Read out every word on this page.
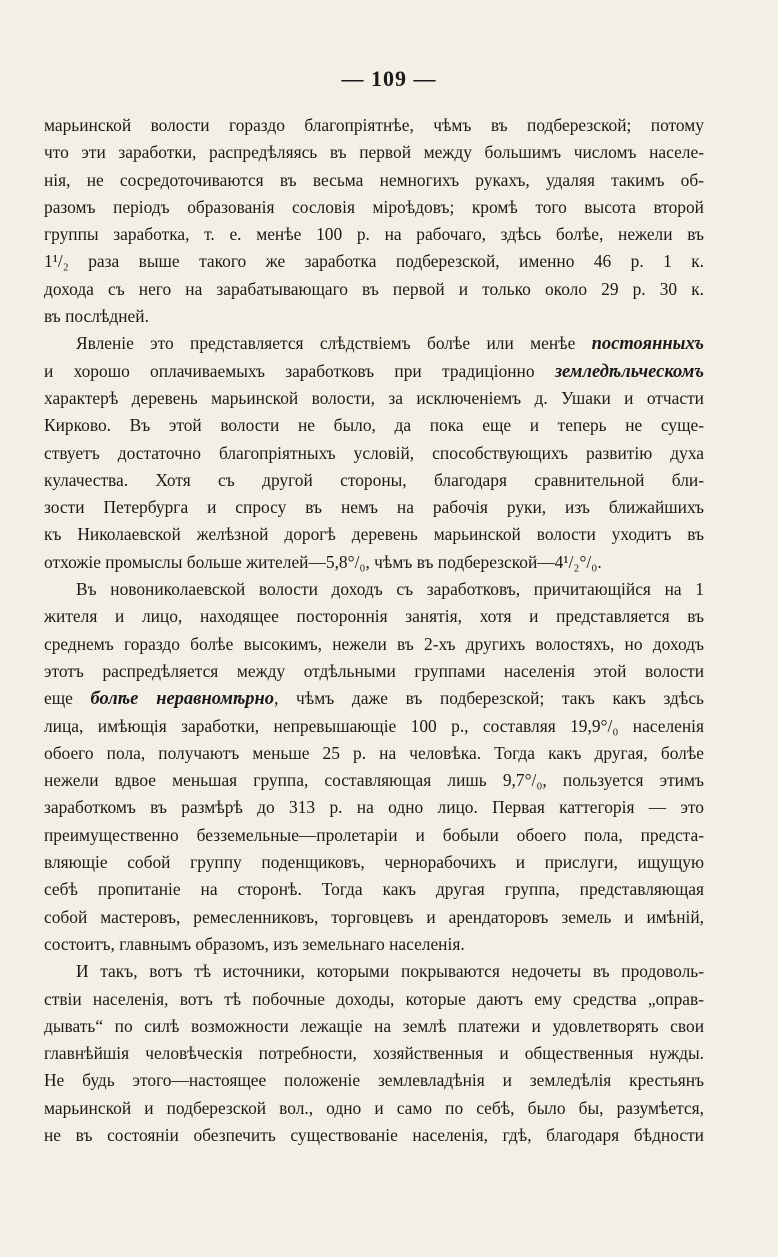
— 109 —
марьинской волости гораздо благопріятнѣе, чѣмъ въ подберезской; потому
что эти заработки, распредѣляясь въ первой между большимъ числомъ населе-
нія, не сосредоточиваются въ весьма немногихъ рукахъ, удаляя такимъ об-
разомъ періодъ образованія сословія міроѣдовъ; кромѣ того высота второй
группы заработка, т. е. менѣе 100 р. на рабочаго, здѣсь болѣе, нежели въ
1¹/₂ раза выше такого же заработка подберезской, именно 46 р. 1 к.
дохода съ него на зарабатывающаго въ первой и только около 29 р. 30 к.
въ послѣдней.
Явленіе это представляется слѣдствіемъ болѣе или менѣе постоянныхъ
и хорошо оплачиваемыхъ заработковъ при традиціонно земледѣльческомъ
характерѣ деревень марьинской волости, за исключеніемъ д. Ушаки и отчасти
Кирково. Въ этой волости не было, да пока еще и теперь не суще-
ствуетъ достаточно благопріятныхъ условій, способствующихъ развитію духа
кулачества. Хотя съ другой стороны, благодаря сравнительной бли-
зости Петербурга и спросу въ немъ на рабочія руки, изъ ближайшихъ
къ Николаевской желѣзной дорогѣ деревень марьинской волости уходитъ въ
отхожіе промыслы больше жителей—5,8°/₀, чѣмъ въ подберезской—4¹/₂°/₀.
Въ новониколаевской волости доходъ съ заработковъ, причитающійся на 1
жителя и лицо, находящее постороннія занятія, хотя и представляется въ
среднемъ гораздо болѣе высокимъ, нежели въ 2-хъ другихъ волостяхъ, но доходъ
этотъ распредѣляется между отдѣльными группами населенія этой волости
еще болѣе неравномѣрно, чѣмъ даже въ подберезской; такъ какъ здѣсь
лица, имѣющія заработки, непревышающіе 100 р., составляя 19,9°/₀ населенія
обоего пола, получаютъ меньше 25 р. на человѣка. Тогда какъ другая, болѣе
нежели вдвое меньшая группа, составляющая лишь 9,7°/₀, пользуется этимъ
заработкомъ въ размѣрѣ до 313 р. на одно лицо. Первая каттегорія — это
преимущественно безземельные—пролетаріи и бобыли обоего пола, предста-
вляющіе собой группу поденщиковъ, чернорабочихъ и прислуги, ищущую
себѣ пропитаніе на сторонѣ. Тогда какъ другая группа, представляющая
собой мастеровъ, ремесленниковъ, торговцевъ и арендаторовъ земель и имѣній,
состоитъ, главнымъ образомъ, изъ земельнаго населенія.
И такъ, вотъ тѣ источники, которыми покрываются недочеты въ продоволь-
ствіи населенія, вотъ тѣ побочные доходы, которые даютъ ему средства „оправ-
дывать“ по силѣ возможности лежащіе на землѣ платежи и удовлетворять свои
главнѣйшія человѣческія потребности, хозяйственныя и общественныя нужды.
Не будь этого—настоящее положеніе землевладѣнія и земледѣлія крестьянъ
марьинской и подберезской вол., одно и само по себѣ, было бы, разумѣется,
не въ состояніи обезпечить существованіе населенія, гдѣ, благодаря бѣдности
